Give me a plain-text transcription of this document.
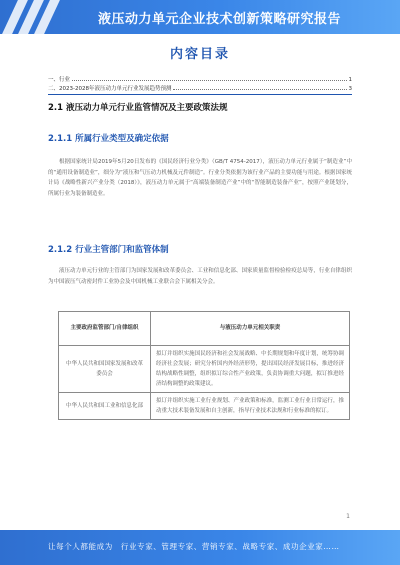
液压动力单元企业技术创新策略研究报告
内容目录
一、行业	1
二、2023-2028年液压动力单元行业发展趋势预测	3
2.1 液压动力单元行业监管情况及主要政策法规
2.1.1 所属行业类型及确定依据

根据国家统计局2019年5月20日发布的《国民经济行业分类》（GB/T 4754-2017），液压动力单元行业属于“制造业”中的“通用设备制造业”，细分为“液压和气压动力机械及元件制造”。行业分类依据为该行业产品的主要功能与用途。根据国家统计局《战略性新兴产业分类（2018）》，液压动力单元属于“高端装备制造产业”中的“智能制造装备产业”，按照产业链划分，所属行业为装备制造业。

2.1.2 行业主管部门和监管体制

液压动力单元行业的主管部门为国家发展和改革委员会、工业和信息化部、国家质量监督检验检疫总局等，行业自律组织为中国液压气动密封件工业协会及中国机械工业联合会下属相关分会。

主要政府监管部门/自律组织	与液压动力单元相关职责
中华人民共和国国家发展和改革委员会	拟订并组织实施国民经济和社会发展战略、中长期规划和年度计划，统筹协调经济社会发展；研究分析国内外经济形势，提出国民经济发展目标，推进经济结构战略性调整，组织拟订综合性产业政策，负责协调重大问题，拟订推进经济结构调整的政策建议。
中华人民共和国工业和信息化部	拟订并组织实施工业行业规划、产业政策和标准，监测工业行业日常运行，推动重大技术装备发展和自主创新，指导行业技术法规和行业标准的拟订。
1
让每个人都能成为　行业专家、管理专家、营销专家、战略专家、成功企业家……
